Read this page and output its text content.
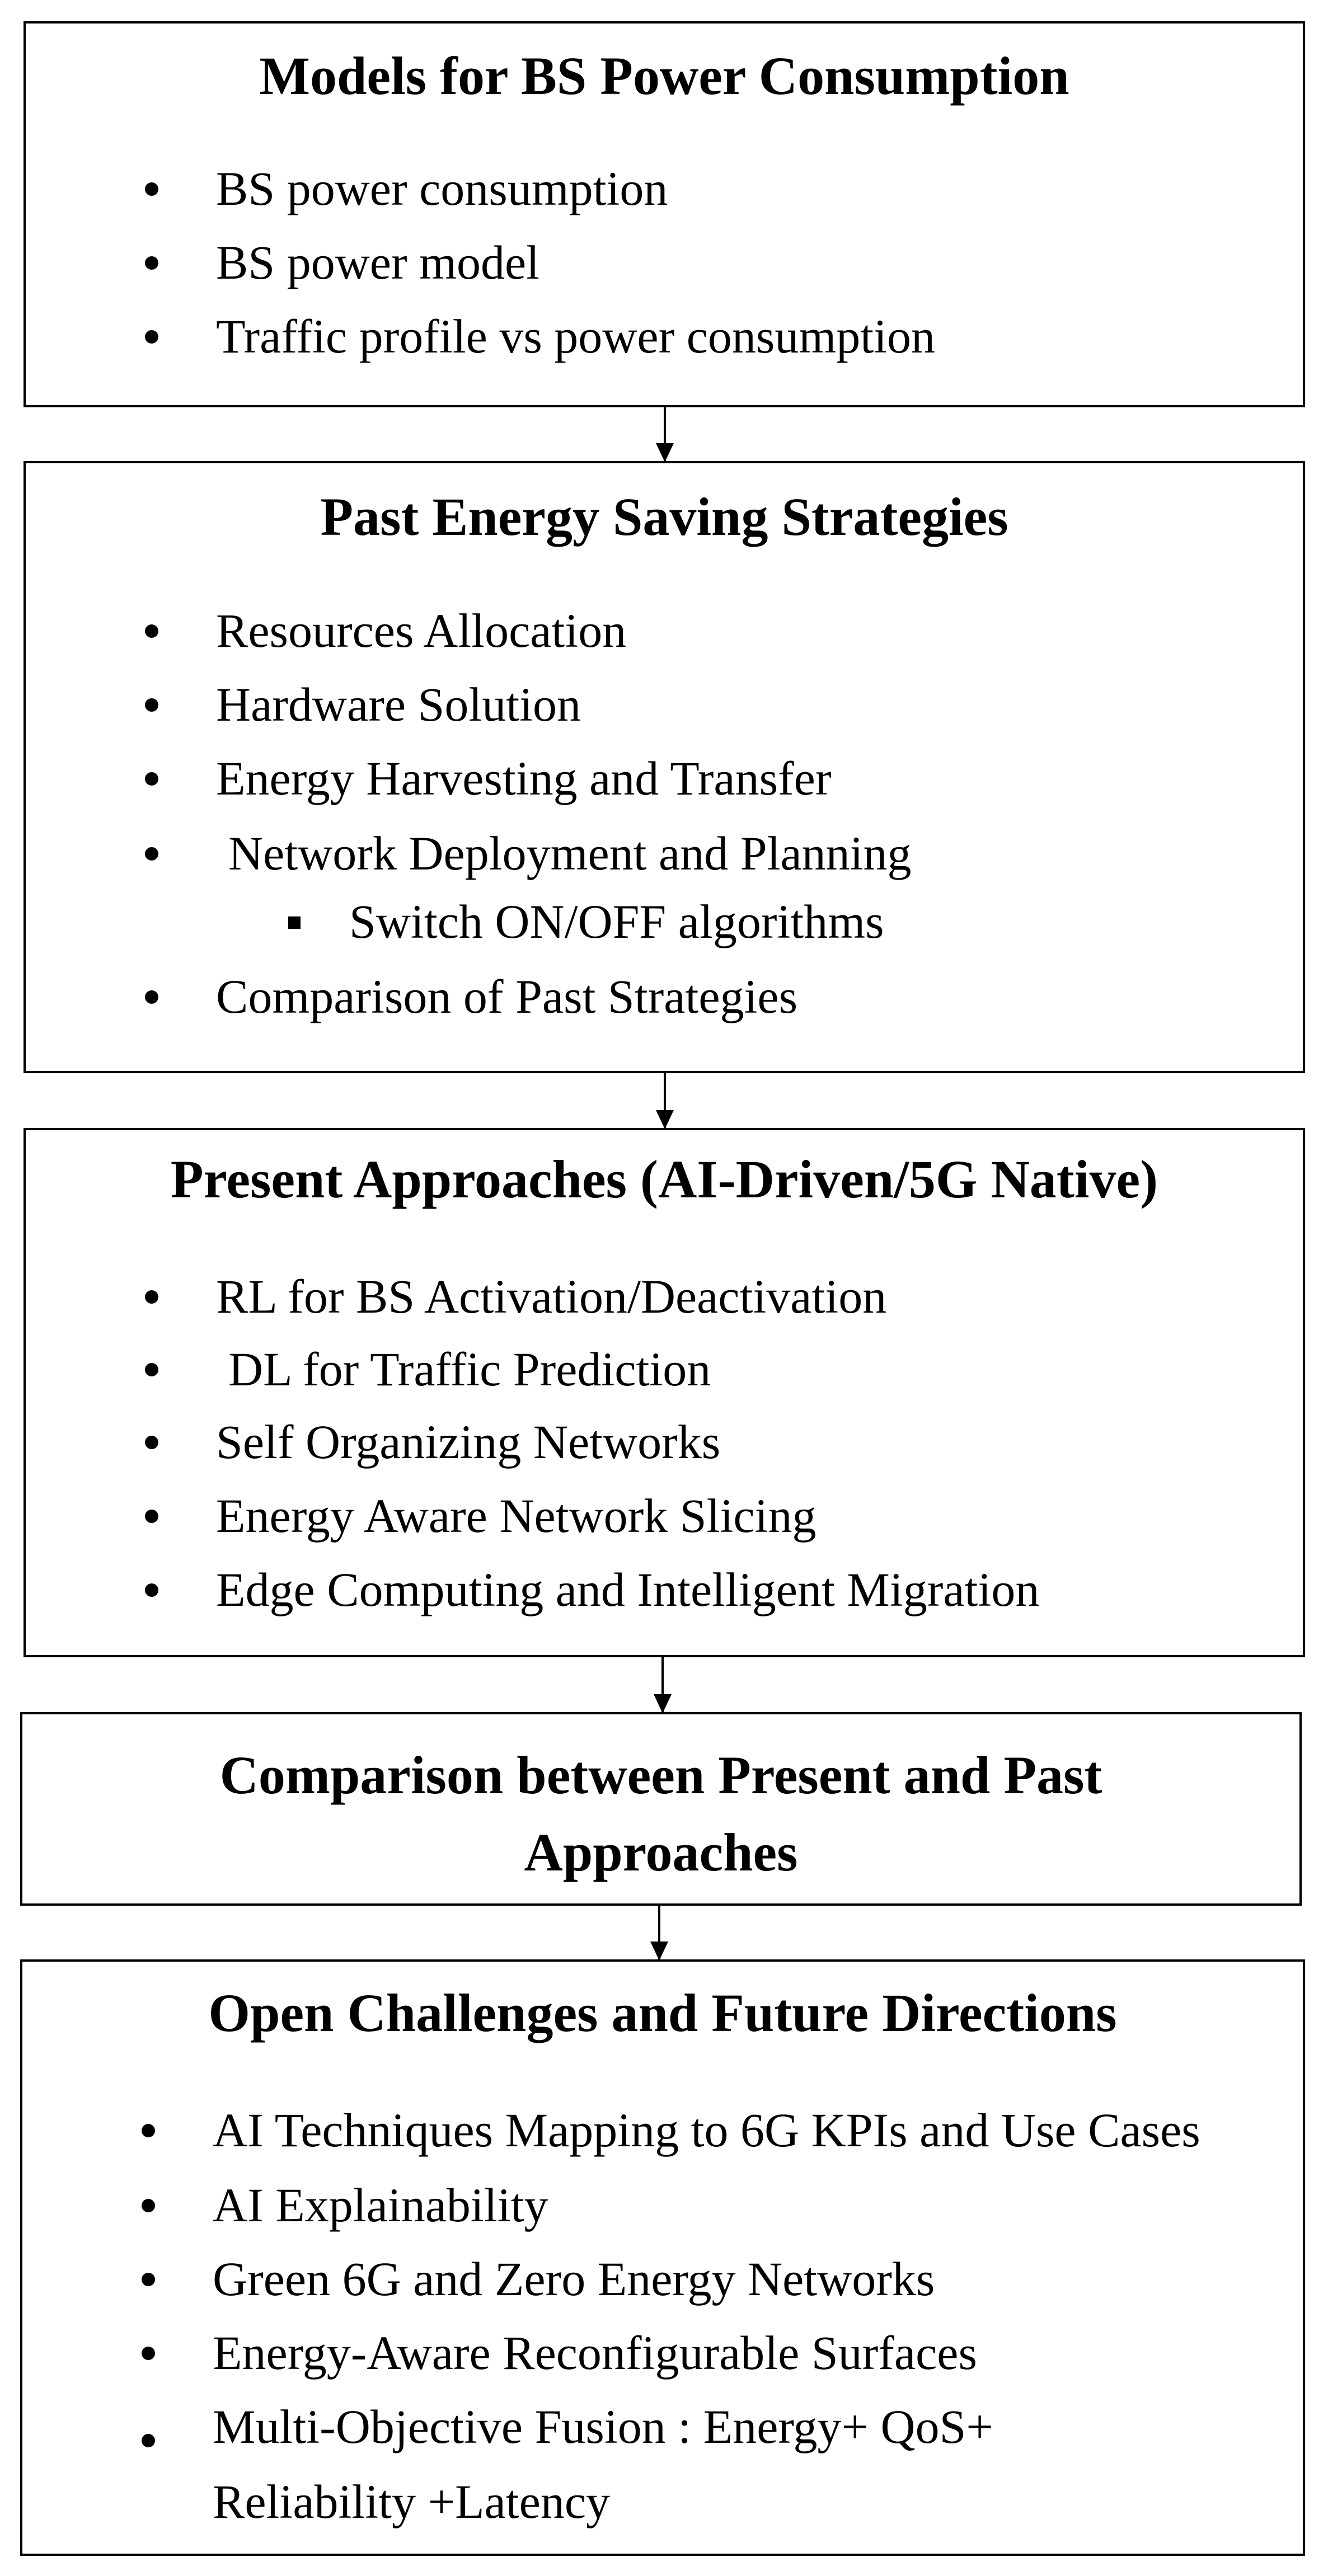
Models for BS Power Consumption
BS power consumption
BS power model
Traffic profile vs power consumption
Past Energy Saving Strategies
Resources Allocation
Hardware Solution
Energy Harvesting and Transfer
Network Deployment and Planning
Switch ON/OFF algorithms
Comparison of Past Strategies
Present Approaches (AI-Driven/5G Native)
RL for BS Activation/Deactivation
DL for Traffic Prediction
Self Organizing Networks
Energy Aware Network Slicing
Edge Computing and Intelligent Migration
Comparison between Present and Past Approaches
Open Challenges and Future Directions
AI Techniques Mapping to 6G KPIs and Use Cases
AI Explainability
Green 6G and Zero Energy Networks
Energy-Aware Reconfigurable Surfaces
Multi-Objective Fusion : Energy+ QoS+ Reliability +Latency
